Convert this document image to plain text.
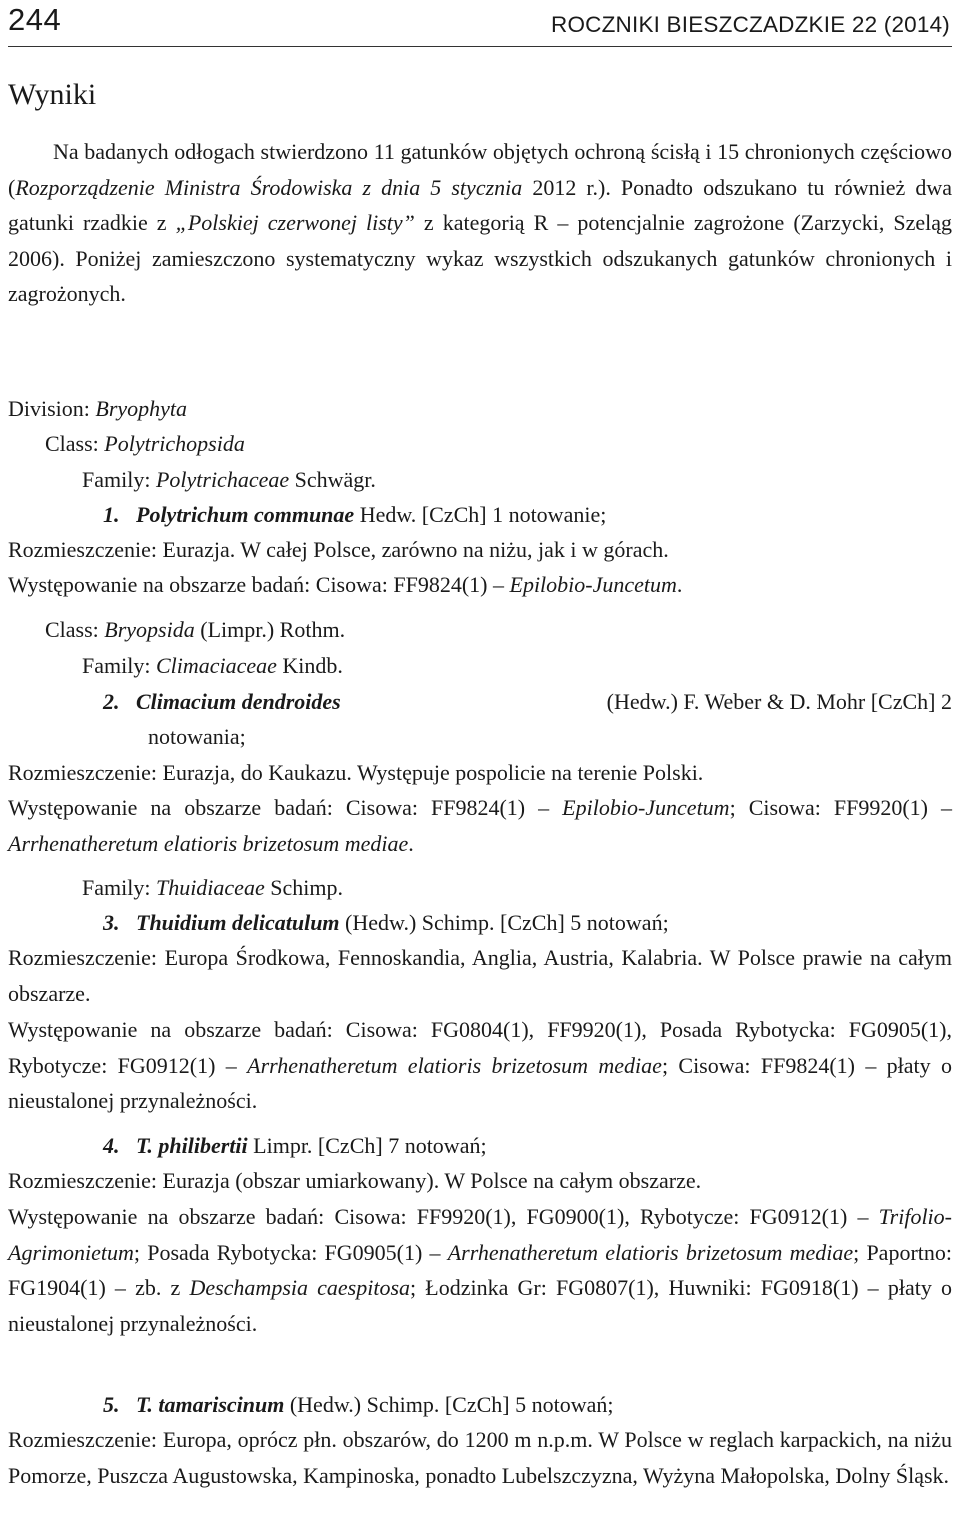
244	ROCZNIKI BIESZCZADZKIE 22 (2014)
Wyniki

Na badanych odłogach stwierdzono 11 gatunków objętych ochroną ścisłą i 15 chronionych częściowo (Rozporządzenie Ministra Środowiska z dnia 5 stycznia 2012 r.). Ponadto odszukano tu również dwa gatunki rzadkie z „Polskiej czerwonej listy” z kategorią R – potencjalnie zagrożone (Zarzycki, Szeląg 2006). Poniżej zamieszczono systematyczny wykaz wszystkich odszukanych gatunków chronionych i zagrożonych.

Division: Bryophyta
Class: Polytrichopsida
Family: Polytrichaceae Schwägr.
1. Polytrichum communae Hedw. [CzCh] 1 notowanie;
Rozmieszczenie: Eurazja. W całej Polsce, zarówno na niżu, jak i w górach.
Występowanie na obszarze badań: Cisowa: FF9824(1) – Epilobio-Juncetum.
Class: Bryopsida (Limpr.) Rothm.
Family: Climaciaceae Kindb.
2. Climacium dendroides	(Hedw.) F. Weber & D. Mohr [CzCh] 2
notowania;
Rozmieszczenie: Eurazja, do Kaukazu. Występuje pospolicie na terenie Polski.

Występowanie na obszarze badań: Cisowa: FF9824(1) – Epilobio-Juncetum; Cisowa: FF9920(1) – Arrhenatheretum elatioris brizetosum mediae.

Family: Thuidiaceae Schimp.
3. Thuidium delicatulum (Hedw.) Schimp. [CzCh] 5 notowań;

Rozmieszczenie: Europa Środkowa, Fennoskandia, Anglia, Austria, Kalabria. W Polsce prawie na całym obszarze.

Występowanie na obszarze badań: Cisowa: FG0804(1), FF9920(1), Posada Rybotycka: FG0905(1), Rybotycze: FG0912(1) – Arrhenatheretum elatioris brizetosum mediae; Cisowa: FF9824(1) – płaty o nieustalonej przynależności.

4. T. philibertii Limpr. [CzCh] 7 notowań;
Rozmieszczenie: Eurazja (obszar umiarkowany). W Polsce na całym obszarze.

Występowanie na obszarze badań: Cisowa: FF9920(1), FG0900(1), Rybotycze: FG0912(1) – Trifolio-Agrimonietum; Posada Rybotycka: FG0905(1) – Arrhenatheretum elatioris brizetosum mediae; Paportno: FG1904(1) – zb. z Deschampsia caespitosa; Łodzinka Gr: FG0807(1), Huwniki: FG0918(1) – płaty o nieustalonej przynależności.

5. T. tamariscinum (Hedw.) Schimp. [CzCh] 5 notowań;

Rozmieszczenie: Europa, oprócz płn. obszarów, do 1200 m n.p.m. W Polsce w reglach karpackich, na niżu Pomorze, Puszcza Augustowska, Kampinoska, ponadto Lubelszczyzna, Wyżyna Małopolska, Dolny Śląsk.
